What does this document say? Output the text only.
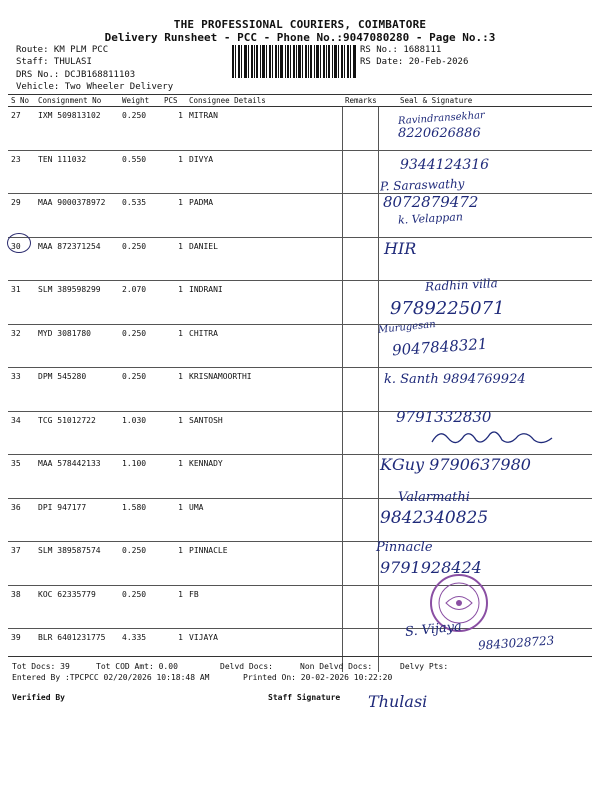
THE PROFESSIONAL COURIERS, COIMBATORE
Delivery Runsheet - PCC - Phone No.:9047080280 - Page No.:3
Route: KM PLM PCC
Staff: THULASI
DRS No.: DCJB168811103
Vehicle: Two Wheeler Delivery
RS No.: 1688111
RS Date: 20-Feb-2026
S No	Consignment No	Weight	PCS	Consignee Details	Remarks	Seal & Signature
27	IXM 509813102	0.250	1	MITRAN		
23	TEN 111032	0.550	1	DIVYA		
29	MAA 9000378972	0.535	1	PADMA		
30	MAA 872371254	0.250	1	DANIEL		
31	SLM 389598299	2.070	1	INDRANI		
32	MYD 3081780	0.250	1	CHITRA		
33	DPM 545280	0.250	1	KRISNAMOORTHI		
34	TCG 51012722	1.030	1	SANTOSH		
35	MAA 578442133	1.100	1	KENNADY		
36	DPI 947177	1.580	1	UMA		
37	SLM 389587574	0.250	1	PINNACLE		
38	KOC 62335779	0.250	1	FB		
39	BLR 6401231775	4.335	1	VIJAYA		
Ravindransekhar
8220626886
9344124316
P. Saraswathy
8072879472
k. Velappan
HIR
Radhin villa
9789225071
Murugesan
9047848321
k. Santh 9894769924
9791332830
KGuy 9790637980
Valarmathi
9842340825
Pinnacle
9791928424
S. Vijaya
9843028723
Tot Docs: 39	Tot COD Amt: 0.00	Delvd Docs:	Non Delvd Docs:	Delvy Pts:
Entered By :TPCPCC 02/20/2026 10:18:48 AM	Printed On: 20-02-2026 10:22:20
Verified By	Staff Signature Thulasi
